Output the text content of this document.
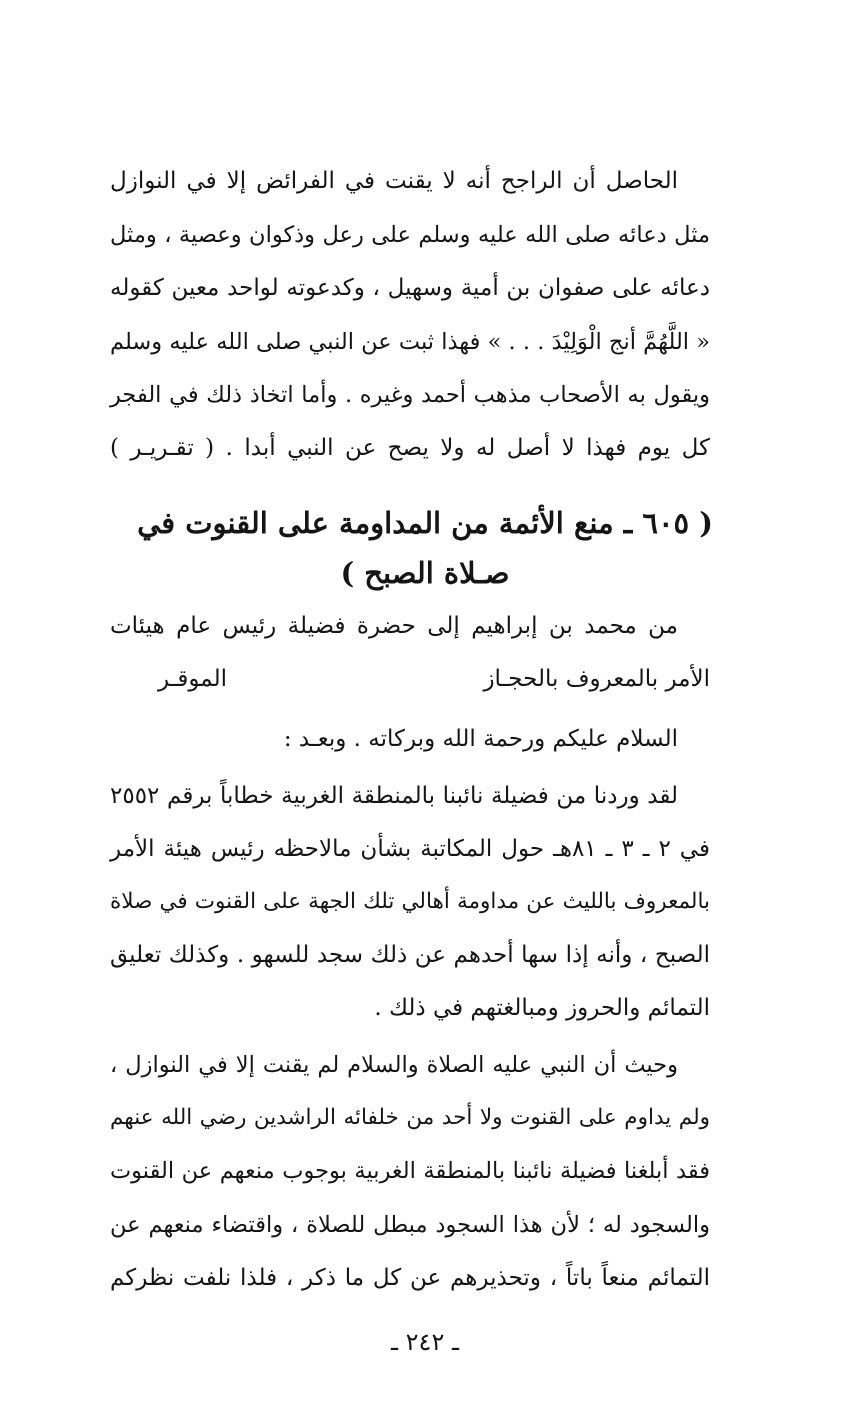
الحاصل أن الراجح أنه لا يقنت في الفرائض إلا في النوازل
مثل دعائه صلى الله عليه وسلم على رعل وذكوان وعصية ، ومثل
دعائه على صفوان بن أمية وسهيل ، وكدعوته لواحد معين كقوله
« اللَّهُمَّ أنج الْوَلِيْدَ . . . » فهذا ثبت عن النبي صلى الله عليه وسلم
ويقول به الأصحاب مذهب أحمد وغيره . وأما اتخاذ ذلك في الفجر
كل يوم فهذا لا أصل له ولا يصح عن النبي أبدا . ( تقـريـر )
( ٦٠٥ ـ منع الأئمة من المداومة على القنوت في
صـلاة الصبح )
من محمد بن إبراهيم إلى حضرة فضيلة رئيس عام هيئات
الأمر بالمعروف بالحجـاز
الموقـر
السلام عليكم ورحمة الله وبركاته . وبعـد :
لقد وردنا من فضيلة نائبنا بالمنطقة الغربية خطاباً برقم ٢٥٥٢
في ٢ ـ ٣ ـ ٨١هـ حول المكاتبة بشأن مالاحظه رئيس هيئة الأمر
بالمعروف بالليث عن مداومة أهالي تلك الجهة على القنوت في صلاة
الصبح ، وأنه إذا سها أحدهم عن ذلك سجد للسهو . وكذلك تعليق
التمائم والحروز ومبالغتهم في ذلك .
وحيث أن النبي عليه الصلاة والسلام لم يقنت إلا في النوازل ،
ولم يداوم على القنوت ولا أحد من خلفائه الراشدين رضي الله عنهم
فقد أبلغنا فضيلة نائبنا بالمنطقة الغربية بوجوب منعهم عن القنوت
والسجود له ؛ لأن هذا السجود مبطل للصلاة ، واقتضاء منعهم عن
التمائم منعاً باتاً ، وتحذيرهم عن كل ما ذكر ، فلذا نلفت نظركم
ـ ٢٤٢ ـ
